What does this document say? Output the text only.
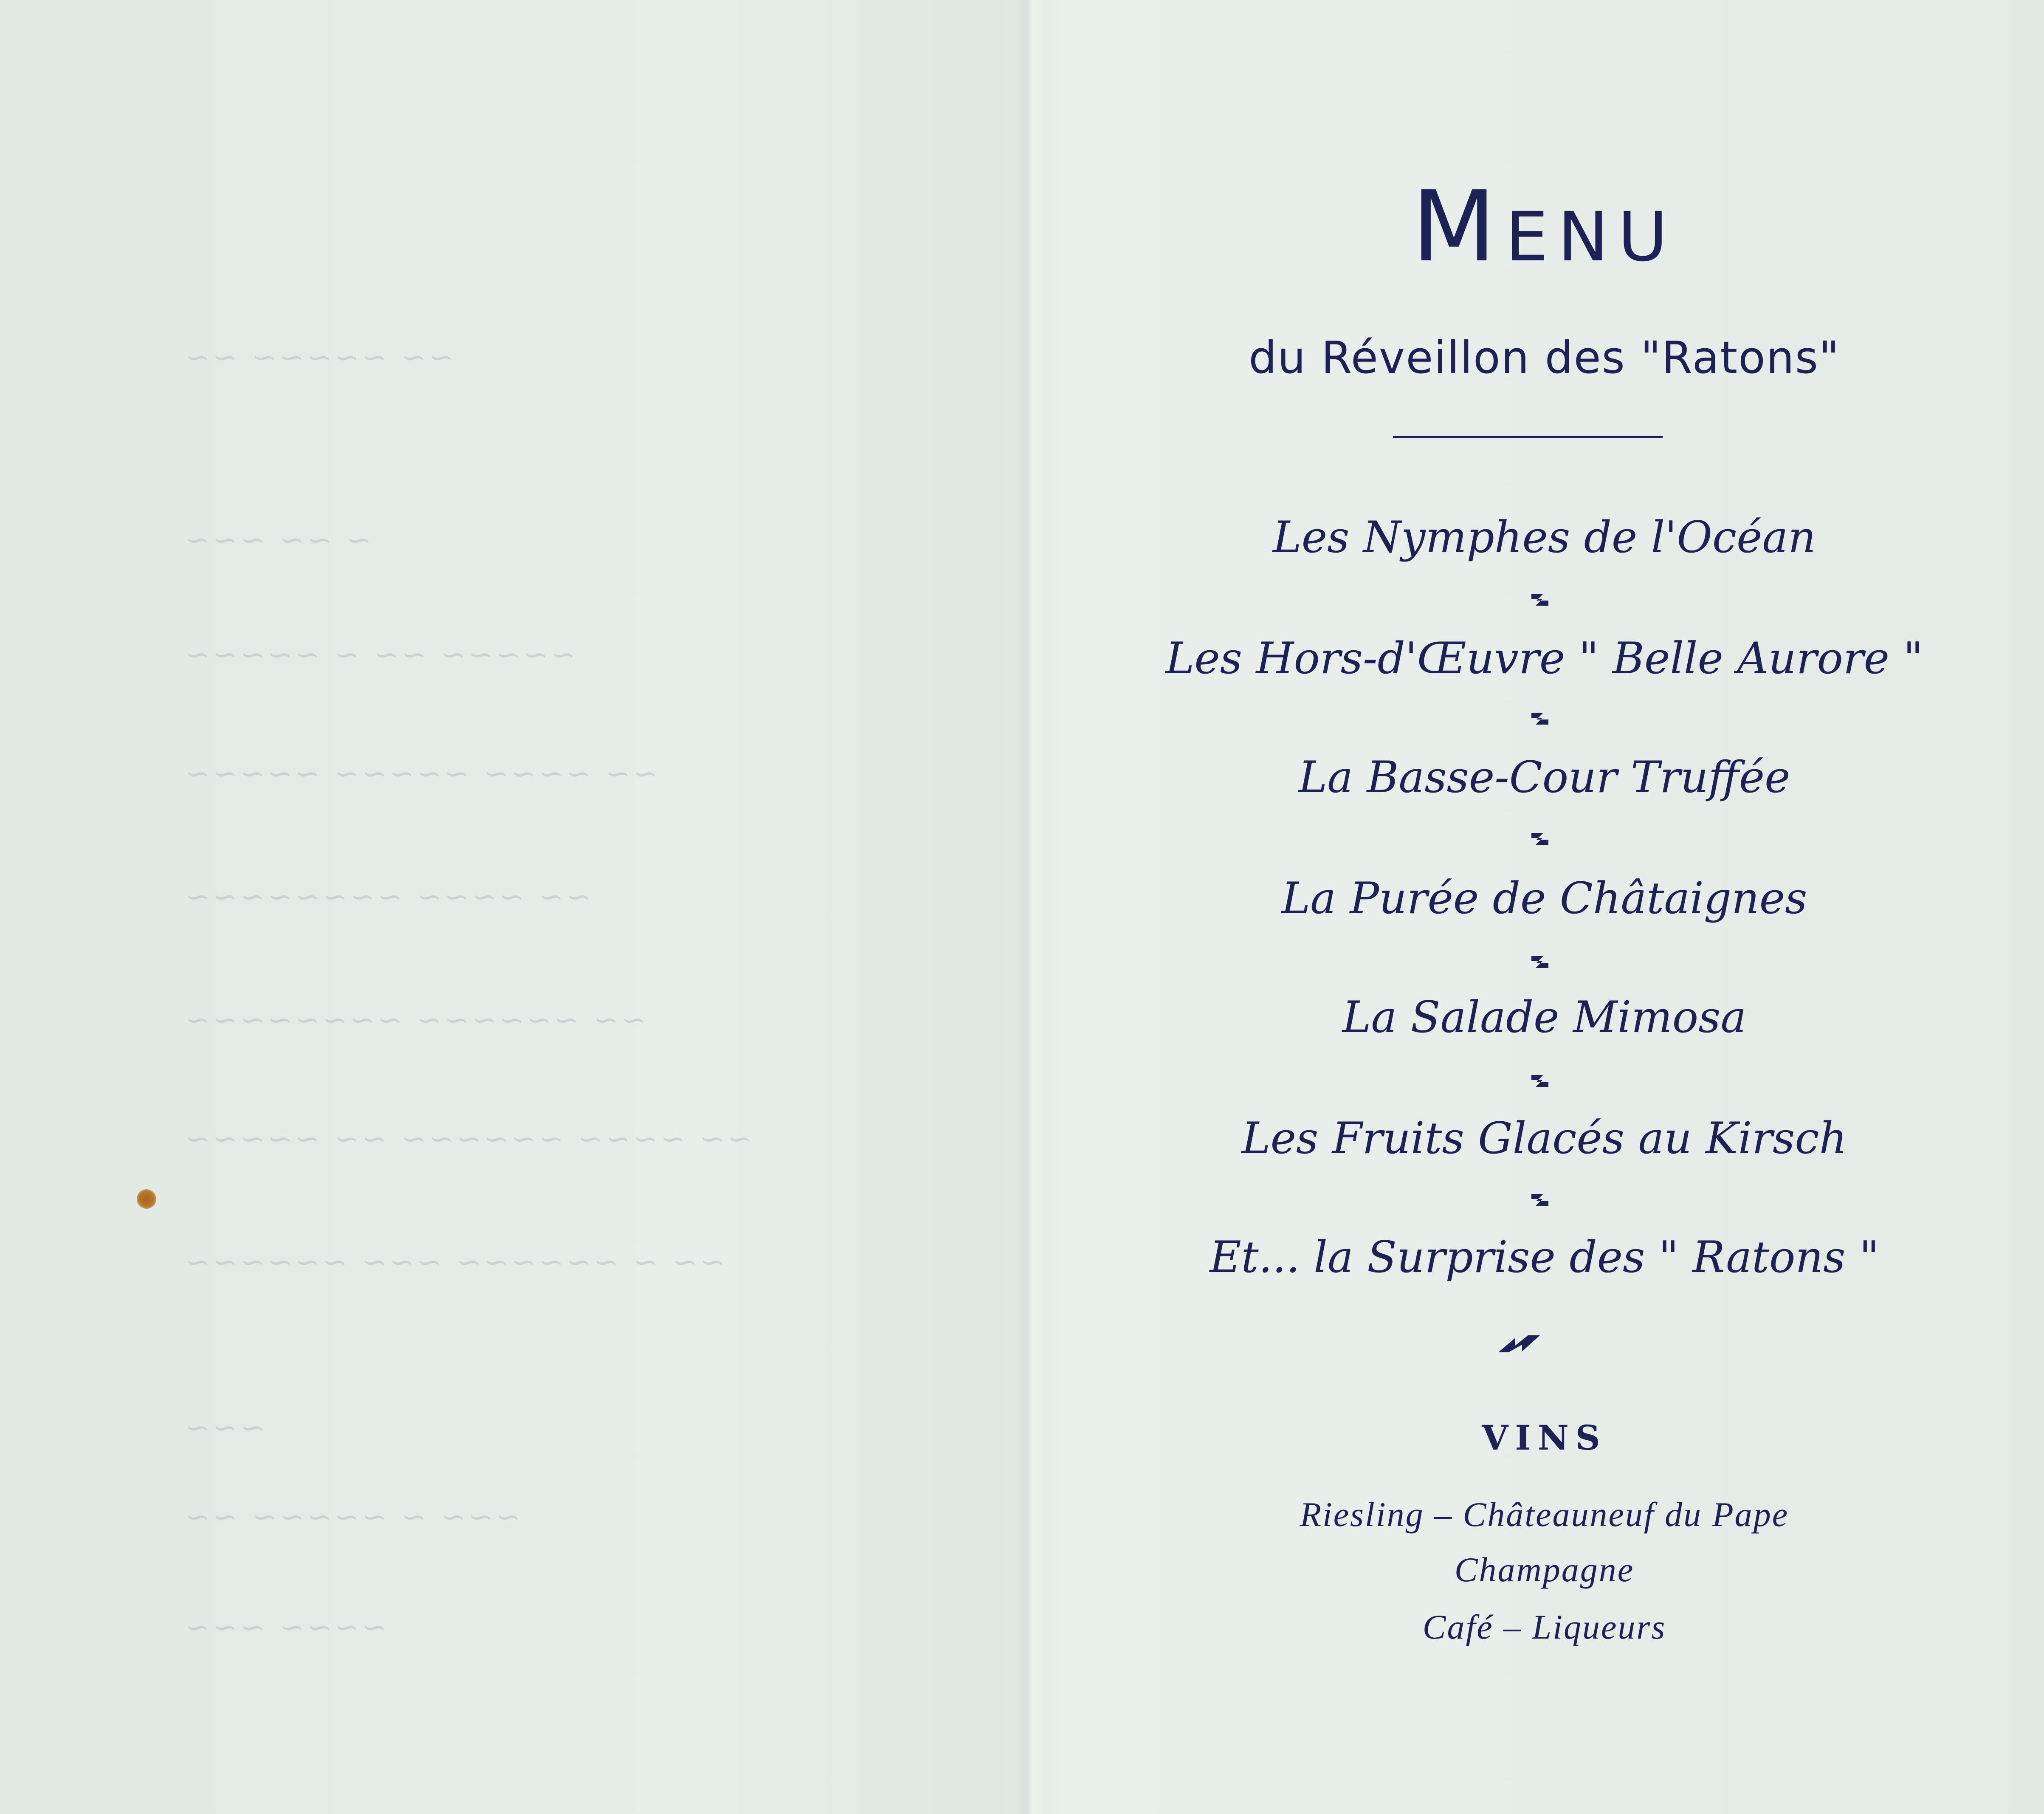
~~ ~~~~~ ~~
~ ~~ ~~~
~~~~~ ~~ ~ ~~~~~
~~ ~~~~ ~~~~~ ~~~~~
~~ ~~~~ ~~~~~~~~
~~ ~~~~~~ ~~~~~~~~
~~ ~~~~ ~~~~~~ ~~ ~~~~~
~~ ~ ~~~~~~ ~~~ ~~~~~~
~~~
~~~ ~ ~~~~~ ~~
~~~~ ~~~
MENU
du Réveillon des "Ratons"
Les Nymphes de l'Océan
Les Hors-d'Œuvre " Belle Aurore "
La Basse-Cour Truffée
La Purée de Châtaignes
La Salade Mimosa
Les Fruits Glacés au Kirsch
Et... la Surprise des " Ratons "
VINS
Riesling – Châteauneuf du Pape
Champagne
Café – Liqueurs
